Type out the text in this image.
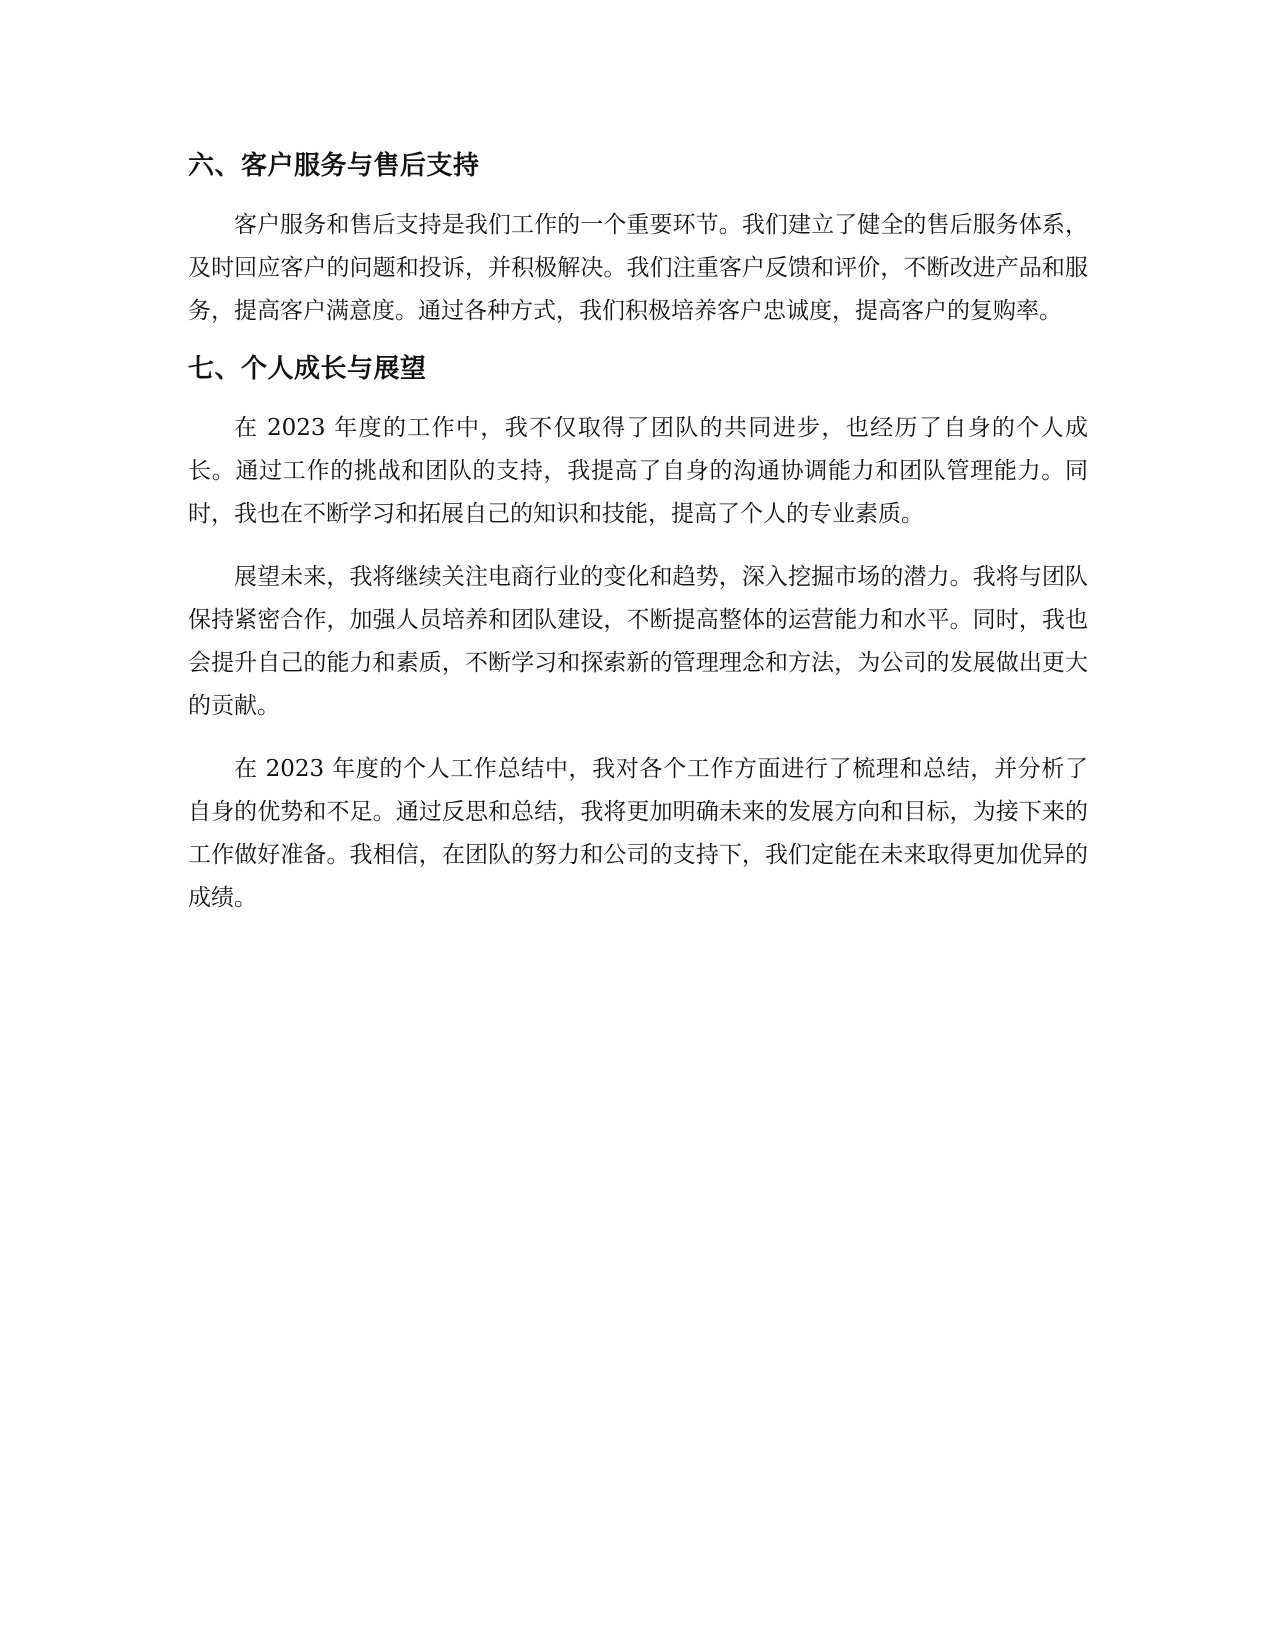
六、客户服务与售后支持

客户服务和售后支持是我们工作的一个重要环节。我们建立了健全的售后服务体系，及时回应客户的问题和投诉，并积极解决。我们注重客户反馈和评价，不断改进产品和服务，提高客户满意度。通过各种方式，我们积极培养客户忠诚度，提高客户的复购率。

七、个人成长与展望

在 2023 年度的工作中，我不仅取得了团队的共同进步，也经历了自身的个人成长。通过工作的挑战和团队的支持，我提高了自身的沟通协调能力和团队管理能力。同时，我也在不断学习和拓展自己的知识和技能，提高了个人的专业素质。

展望未来，我将继续关注电商行业的变化和趋势，深入挖掘市场的潜力。我将与团队保持紧密合作，加强人员培养和团队建设，不断提高整体的运营能力和水平。同时，我也会提升自己的能力和素质，不断学习和探索新的管理理念和方法，为公司的发展做出更大的贡献。

在 2023 年度的个人工作总结中，我对各个工作方面进行了梳理和总结，并分析了自身的优势和不足。通过反思和总结，我将更加明确未来的发展方向和目标，为接下来的工作做好准备。我相信，在团队的努力和公司的支持下，我们定能在未来取得更加优异的成绩。
